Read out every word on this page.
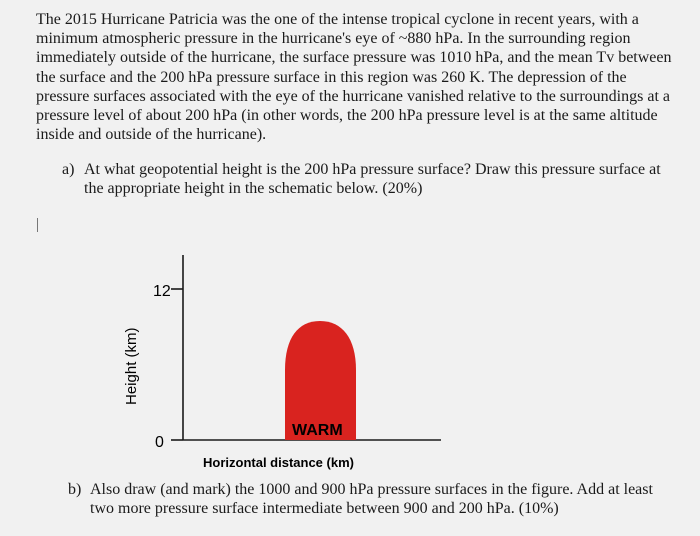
The 2015 Hurricane Patricia was the one of the intense tropical cyclone in recent years, with a minimum atmospheric pressure in the hurricane's eye of ~880 hPa. In the surrounding region immediately outside of the hurricane, the surface pressure was 1010 hPa, and the mean Tv between the surface and the 200 hPa pressure surface in this region was 260 K. The depression of the pressure surfaces associated with the eye of the hurricane vanished relative to the surroundings at a pressure level of about 200 hPa (in other words, the 200 hPa pressure level is at the same altitude inside and outside of the hurricane).

a) At what geopotential height is the 200 hPa pressure surface? Draw this pressure surface at the appropriate height in the schematic below. (20%)
12
0
Height (km)
WARM
Horizontal distance (km)
b) Also draw (and mark) the 1000 and 900 hPa pressure surfaces in the figure. Add at least two more pressure surface intermediate between 900 and 200 hPa. (10%)
